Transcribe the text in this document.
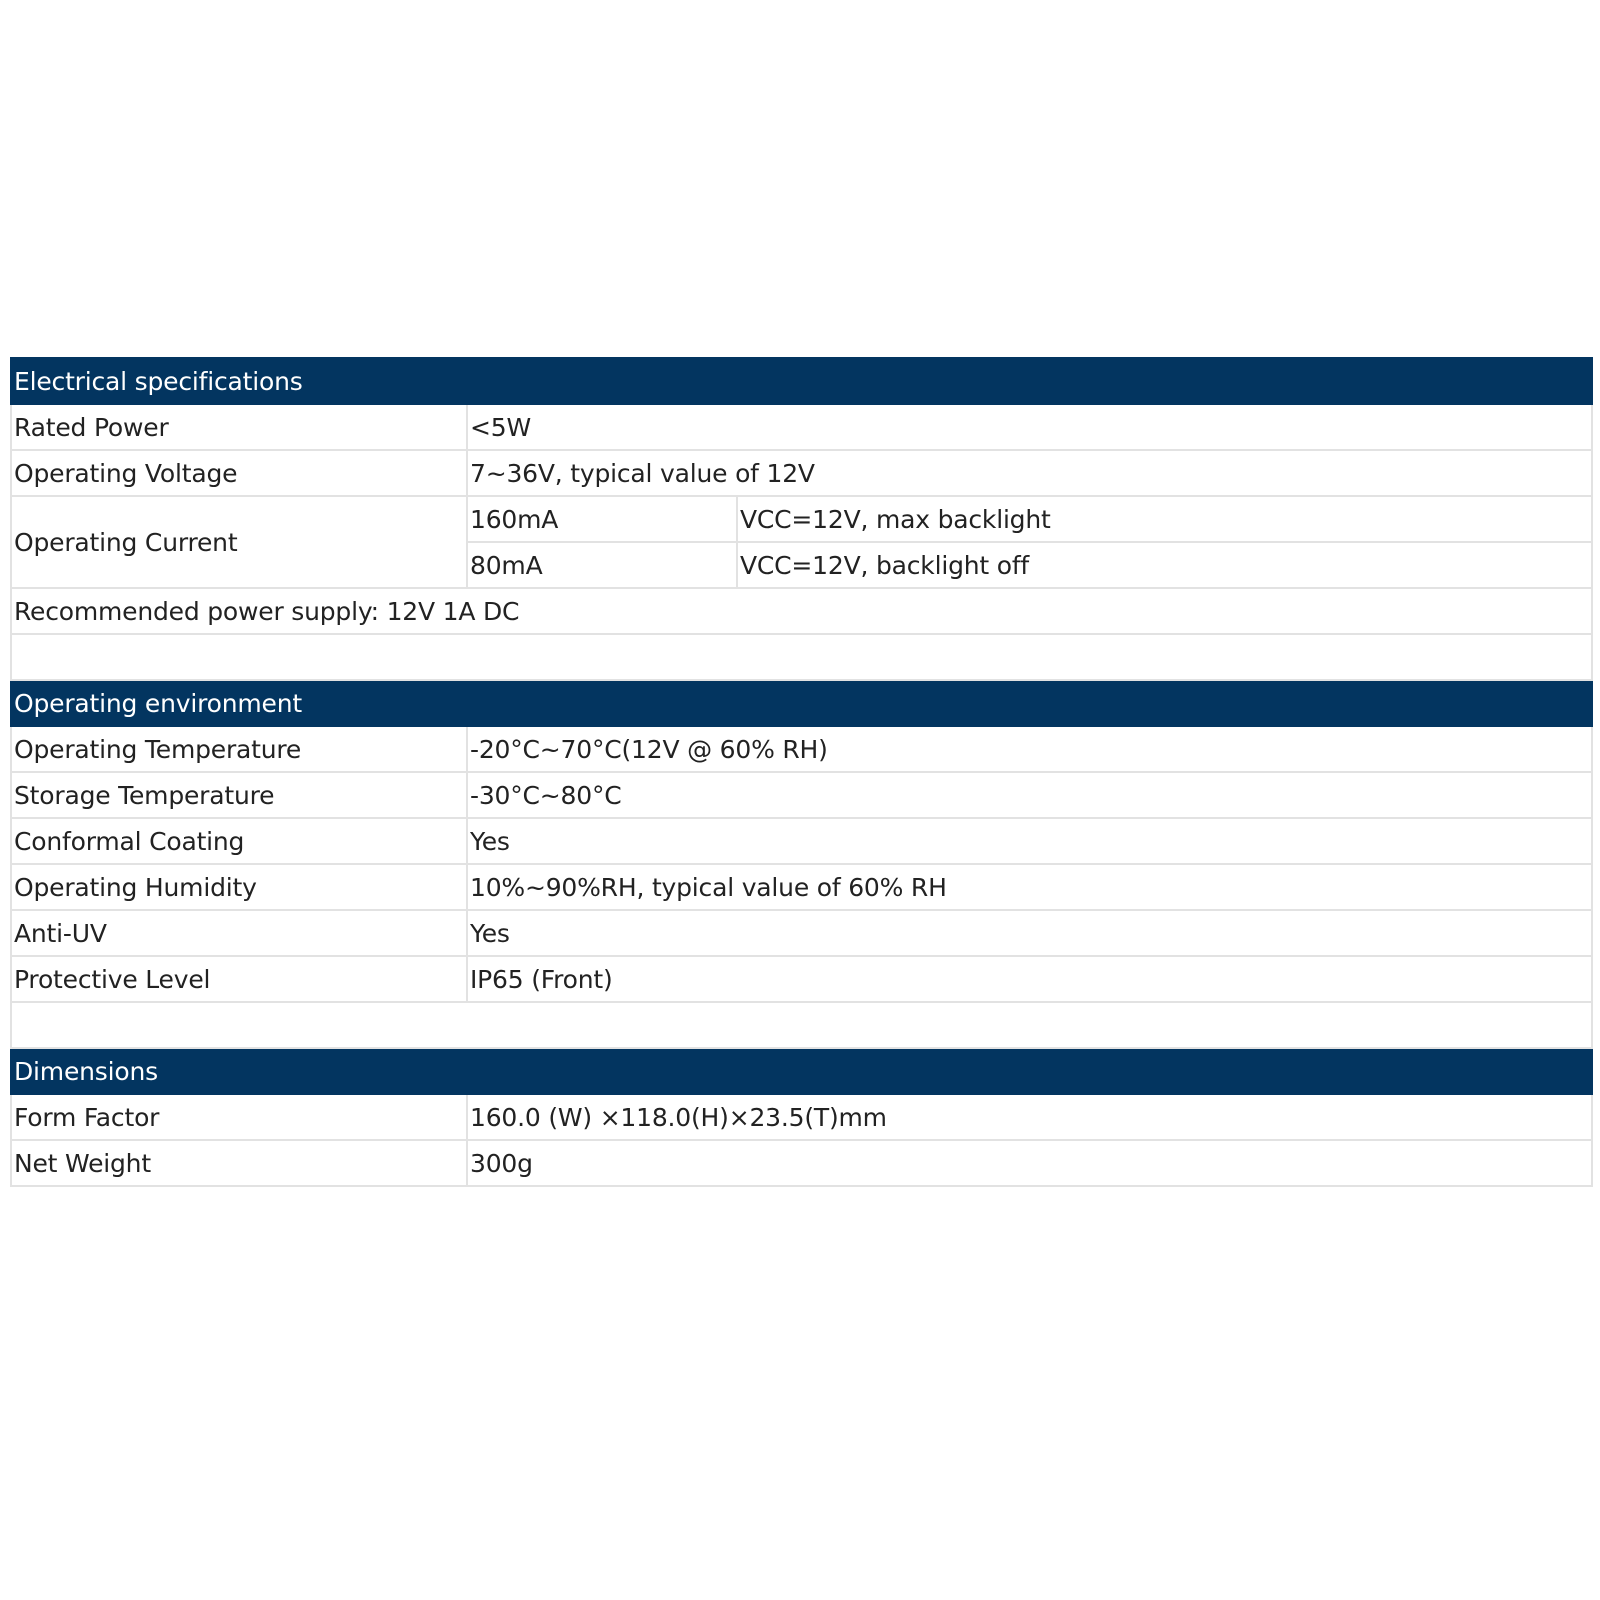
Electrical specifications		
Rated Power	<5W	
Operating Voltage	7~36V, typical value of 12V	
Operating Current	160mA	VCC=12V, max backlight
	80mA	VCC=12V, backlight off
Recommended power supply: 12V 1A DC		

Operating environment		
Operating Temperature	-20°C~70°C(12V @ 60% RH)	
Storage Temperature	-30°C~80°C	
Conformal Coating	Yes	
Operating Humidity	10%~90%RH, typical value of 60% RH	
Anti-UV	Yes	
Protective Level	IP65 (Front)	

Dimensions		
Form Factor	160.0 (W) ×118.0(H)×23.5(T)mm	
Net Weight	300g	
